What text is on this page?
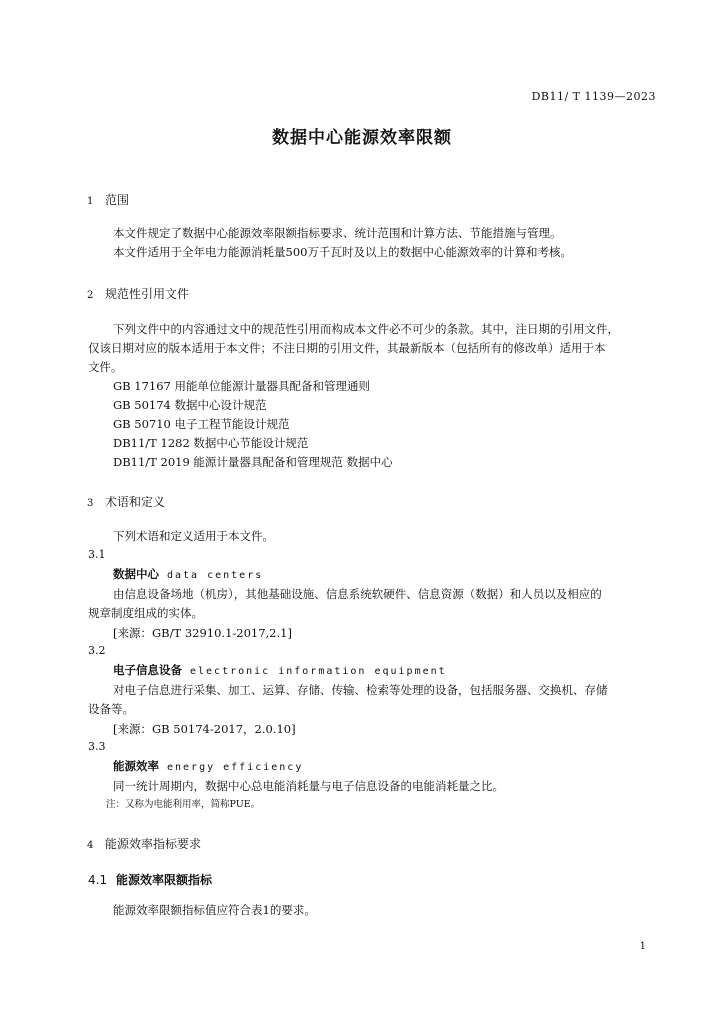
DB11/ T 1139—2023
数据中心能源效率限额
1 范围
本文件规定了数据中心能源效率限额指标要求、统计范围和计算方法、节能措施与管理。
本文件适用于全年电力能源消耗量500万千瓦时及以上的数据中心能源效率的计算和考核。
2 规范性引用文件
下列文件中的内容通过文中的规范性引用而构成本文件必不可少的条款。其中，注日期的引用文件，
仅该日期对应的版本适用于本文件；不注日期的引用文件，其最新版本（包括所有的修改单）适用于本
文件。
GB 17167 用能单位能源计量器具配备和管理通则
GB 50174 数据中心设计规范
GB 50710 电子工程节能设计规范
DB11/T 1282 数据中心节能设计规范
DB11/T 2019 能源计量器具配备和管理规范 数据中心
3 术语和定义
下列术语和定义适用于本文件。
3.1
数据中心 data centers
由信息设备场地（机房），其他基础设施、信息系统软硬件、信息资源（数据）和人员以及相应的
规章制度组成的实体。
[来源：GB/T 32910.1-2017,2.1]
3.2
电子信息设备 electronic information equipment
对电子信息进行采集、加工、运算、存储、传输、检索等处理的设备，包括服务器、交换机、存储
设备等。
[来源：GB 50174-2017，2.0.10]
3.3
能源效率 energy efficiency
同一统计周期内，数据中心总电能消耗量与电子信息设备的电能消耗量之比。
注：又称为电能利用率，简称PUE。
4 能源效率指标要求
4.1 能源效率限额指标
能源效率限额指标值应符合表1的要求。
1
